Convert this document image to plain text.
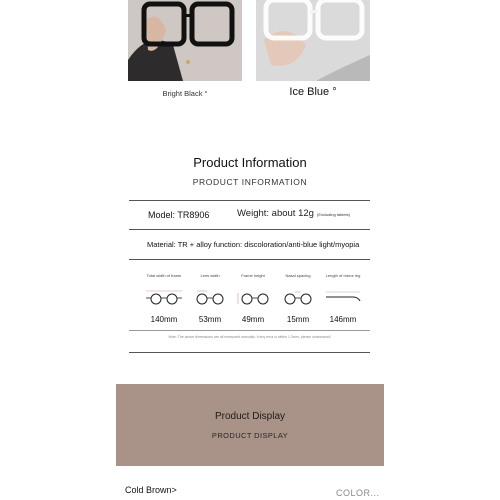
Bright Black °	Ice Blue °
Product Information
PRODUCT INFORMATION
Model: TR8906	Weight: about 12g (Excluding tablets)
Material: TR + alloy function: discoloration/anti-blue light/myopia
Total width of frame
140mm
Lens width
53mm
Frame height
49mm
Nasal spacing
15mm
Length of mirror leg
146mm
Note: The above dimensions are all measured manually. If any error is within 1-3mm, please understand!
Product Display
PRODUCT DISPLAY
Cold Brown>	COLOR...
